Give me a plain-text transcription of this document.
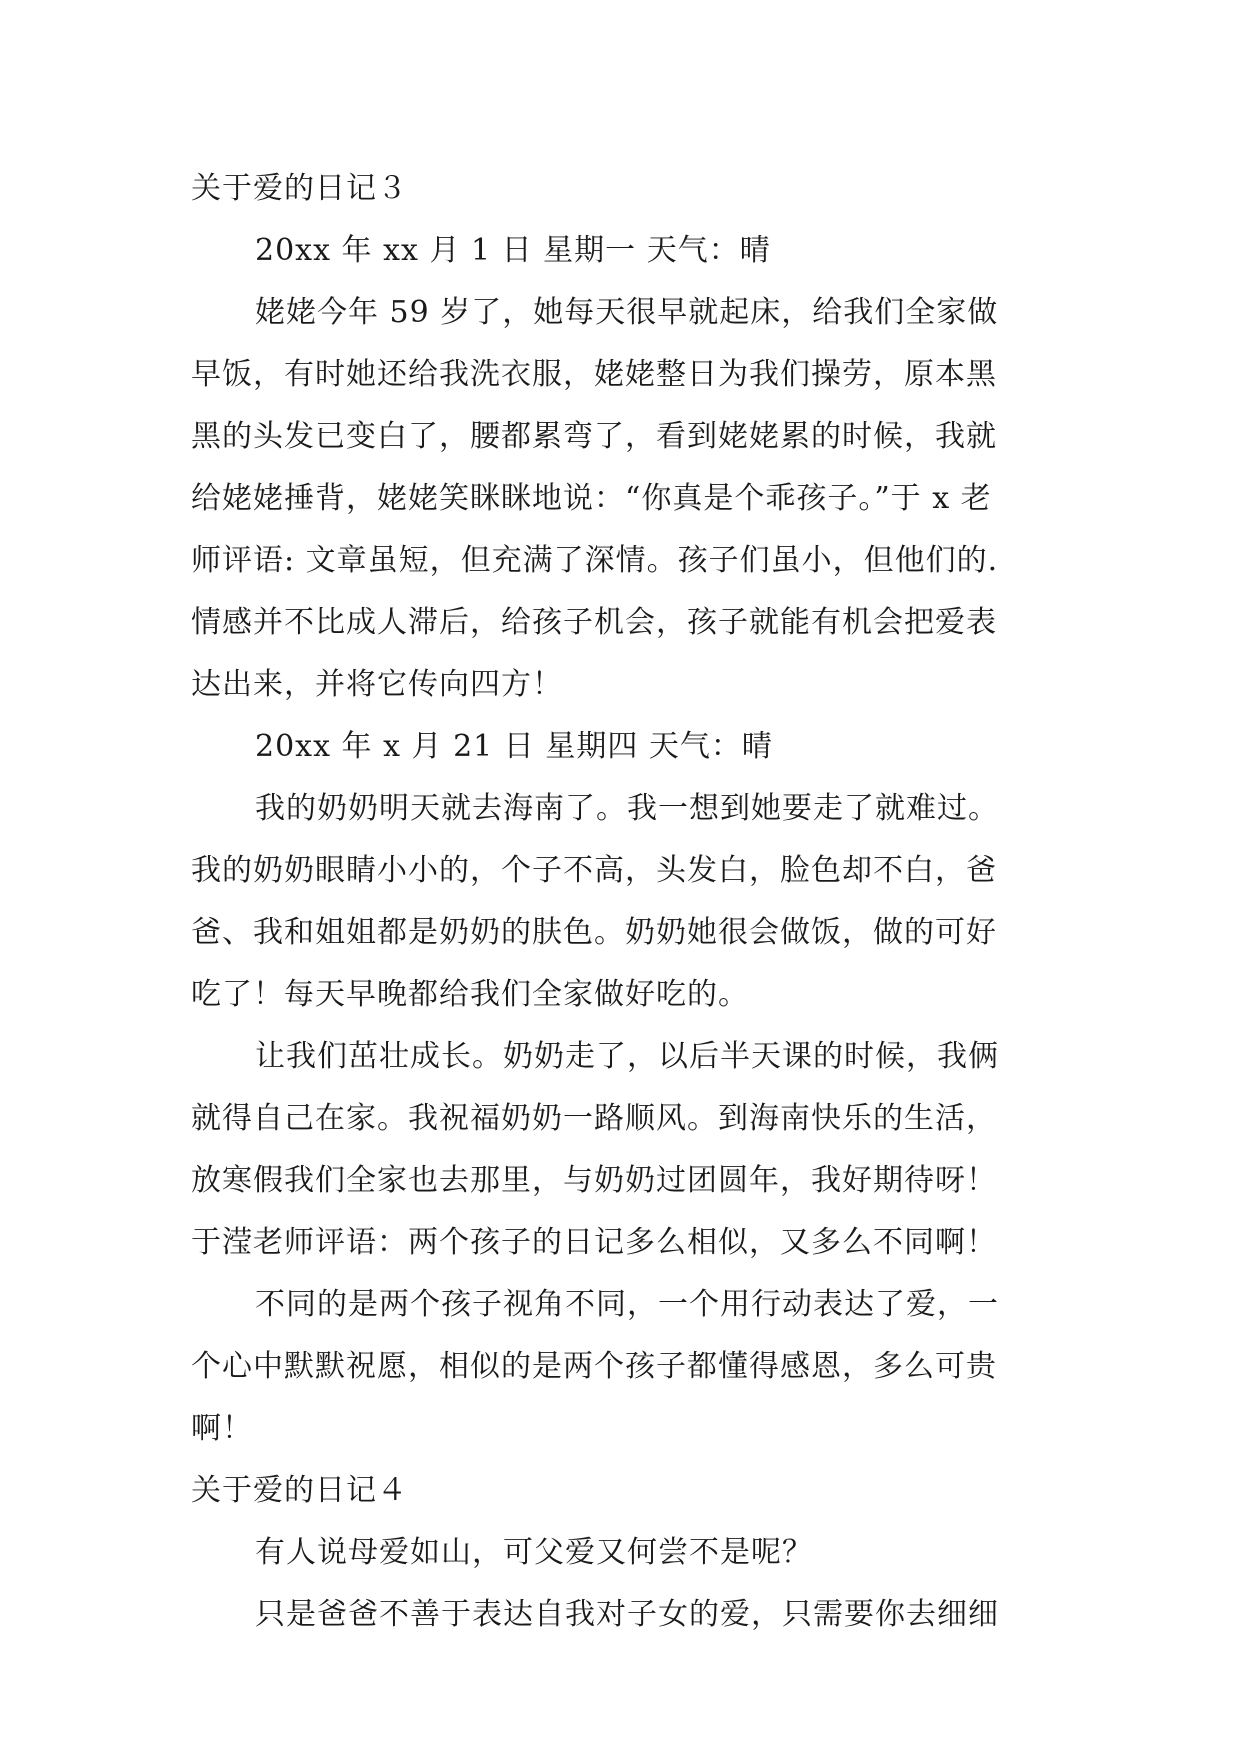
关于爱的日记３
20xx 年 xx 月 1 日 星期一 天气：晴
姥姥今年 59 岁了，她每天很早就起床，给我们全家做
早饭，有时她还给我洗衣服，姥姥整日为我们操劳，原本黑
黑的头发已变白了，腰都累弯了，看到姥姥累的时候，我就
给姥姥捶背，姥姥笑眯眯地说：“你真是个乖孩子。”于 x 老
师评语: 文章虽短，但充满了深情。孩子们虽小，但他们的.
情感并不比成人滞后，给孩子机会，孩子就能有机会把爱表
达出来，并将它传向四方！
20xx 年 x 月 21 日 星期四 天气：晴
我的奶奶明天就去海南了。我一想到她要走了就难过。
我的奶奶眼睛小小的，个子不高，头发白，脸色却不白，爸
爸、我和姐姐都是奶奶的肤色。奶奶她很会做饭，做的可好
吃了！每天早晚都给我们全家做好吃的。
让我们茁壮成长。奶奶走了，以后半天课的时候，我俩
就得自己在家。我祝福奶奶一路顺风。到海南快乐的生活，
放寒假我们全家也去那里，与奶奶过团圆年，我好期待呀！
于滢老师评语：两个孩子的日记多么相似，又多么不同啊！
不同的是两个孩子视角不同，一个用行动表达了爱，一
个心中默默祝愿，相似的是两个孩子都懂得感恩，多么可贵
啊！
关于爱的日记４
有人说母爱如山，可父爱又何尝不是呢？
只是爸爸不善于表达自我对子女的爱，只需要你去细细
